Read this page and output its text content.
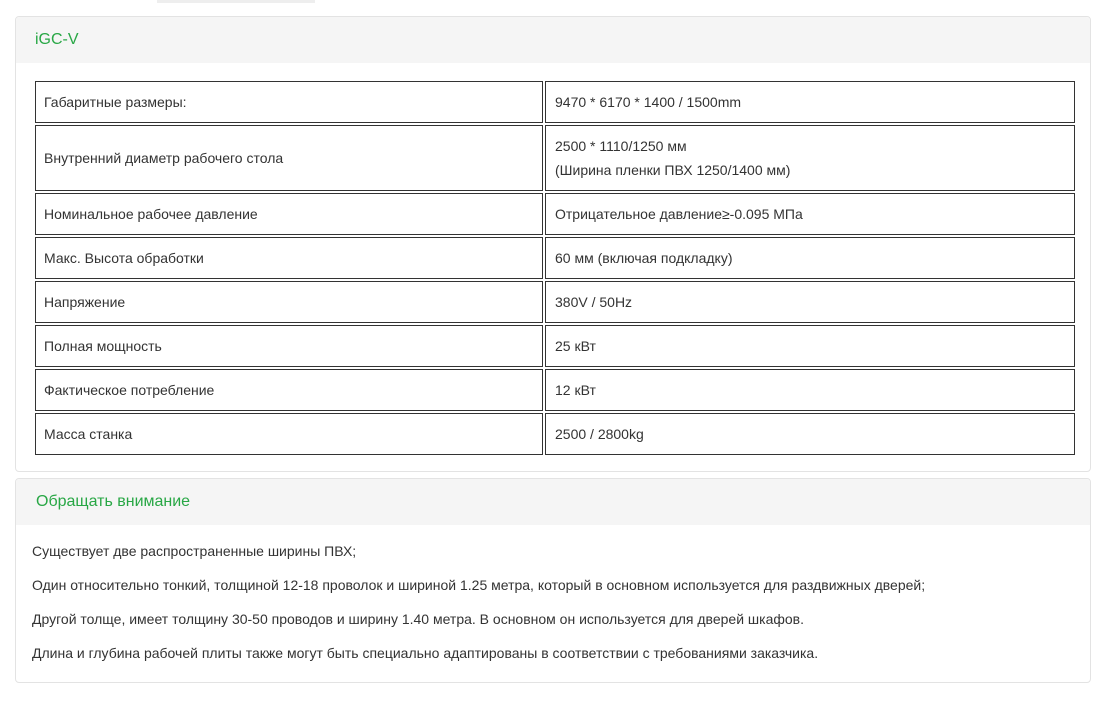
iGC-V
Габаритные размеры:	9470 * 6170 * 1400 / 1500mm
Внутренний диаметр рабочего стола	2500 * 1110/1250 мм
(Ширина пленки ПВХ 1250/1400 мм)

Номинальное рабочее давление	Отрицательное давление≥-0.095 МПа
Макс. Высота обработки	60 мм (включая подкладку)
Напряжение	380V / 50Hz
Полная мощность	25 кВт
Фактическое потребление	12 кВт
Масса станка	2500 / 2800kg
Обращать внимание

Существует две распространенные ширины ПВХ;

Один относительно тонкий, толщиной 12-18 проволок и шириной 1.25 метра, который в основном используется для раздвижных дверей;

Другой толще, имеет толщину 30-50 проводов и ширину 1.40 метра. В основном он используется для дверей шкафов.

Длина и глубина рабочей плиты также могут быть специально адаптированы в соответствии с требованиями заказчика.
